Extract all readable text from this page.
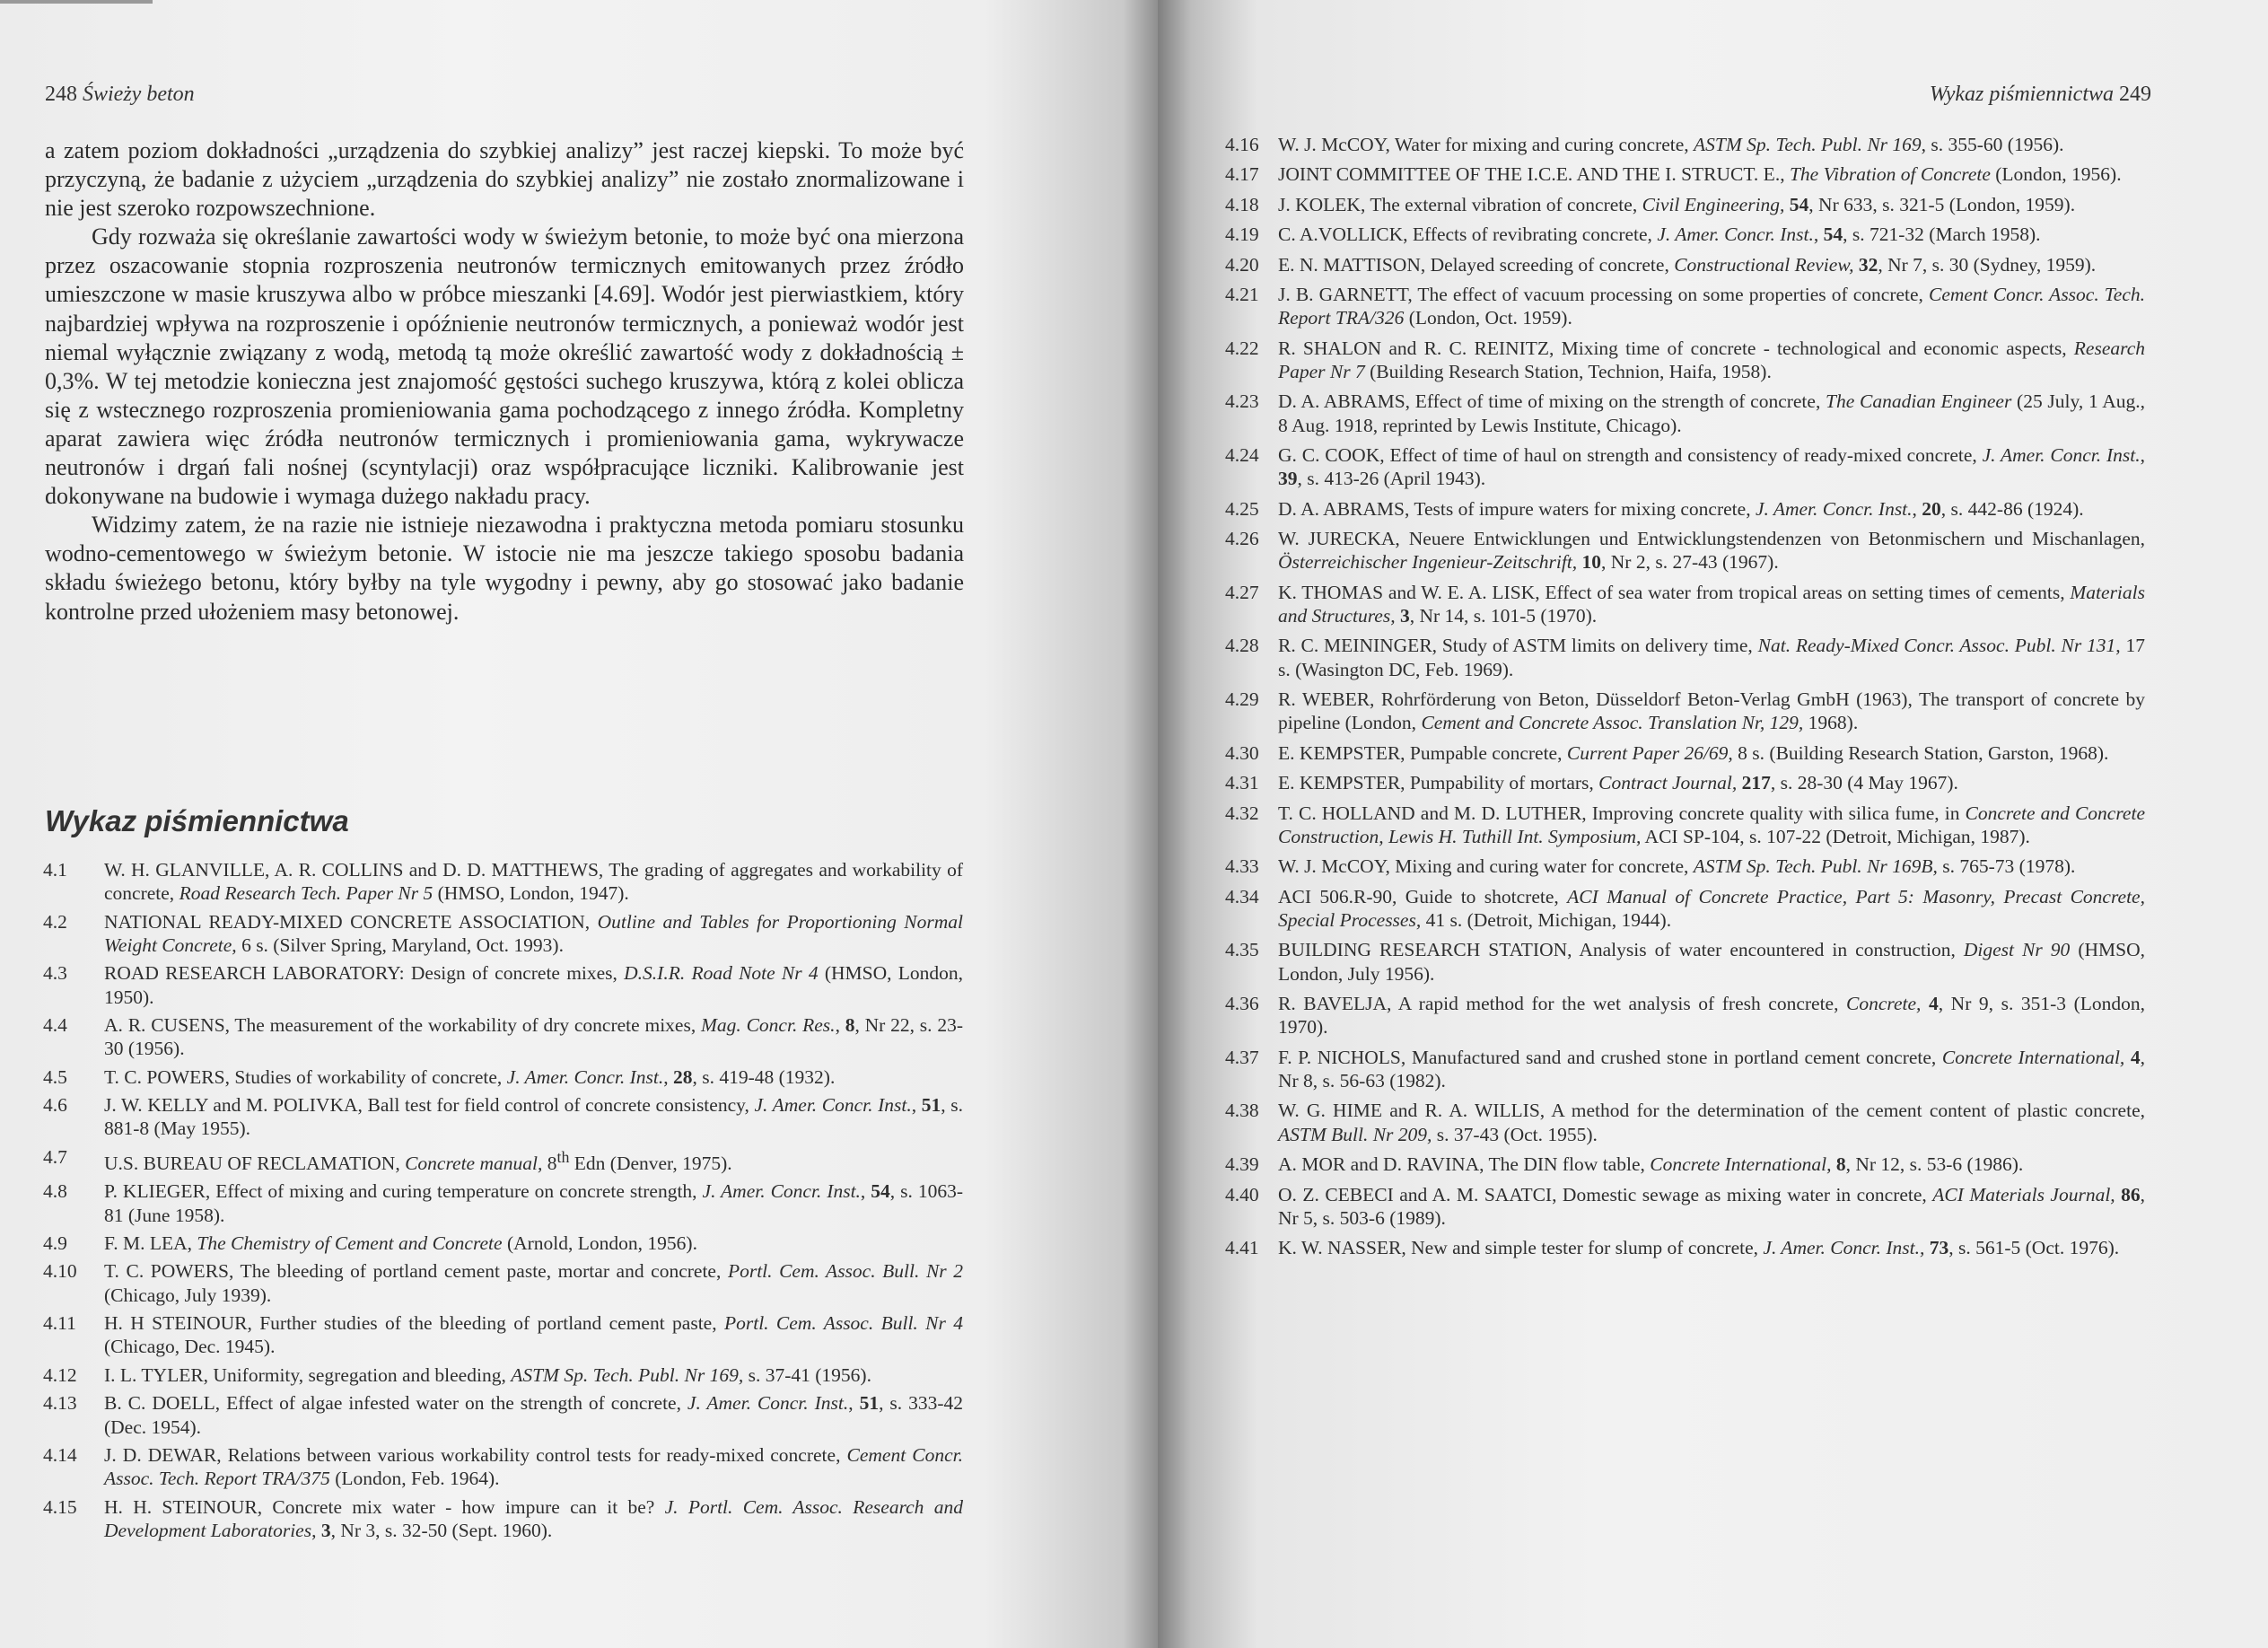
248 Świeży beton

a zatem poziom dokładności „urządzenia do szybkiej analizy” jest raczej kiepski. To może być przyczyną, że badanie z użyciem „urządzenia do szybkiej analizy” nie zostało znormalizowane i nie jest szeroko rozpowszechnione.

Gdy rozważa się określanie zawartości wody w świeżym betonie, to może być ona mierzona przez oszacowanie stopnia rozproszenia neutronów termicznych emitowanych przez źródło umieszczone w masie kruszywa albo w próbce mieszanki [4.69]. Wodór jest pierwiastkiem, który najbardziej wpływa na rozproszenie i opóźnienie neutronów termicznych, a ponieważ wodór jest niemal wyłącznie związany z wodą, metodą tą może określić zawartość wody z dokładnością ± 0,3%. W tej metodzie konieczna jest znajomość gęstości suchego kruszywa, którą z kolei oblicza się z wstecznego rozproszenia promieniowania gama pochodzącego z innego źródła. Kompletny aparat zawiera więc źródła neutronów termicznych i promieniowania gama, wykrywacze neutronów i drgań fali nośnej (scyntylacji) oraz współpracujące liczniki. Kalibrowanie jest dokonywane na budowie i wymaga dużego nakładu pracy.

Widzimy zatem, że na razie nie istnieje niezawodna i praktyczna metoda pomiaru stosunku wodno-cementowego w świeżym betonie. W istocie nie ma jeszcze takiego sposobu badania składu świeżego betonu, który byłby na tyle wygodny i pewny, aby go stosować jako badanie kontrolne przed ułożeniem masy betonowej.

Wykaz piśmiennictwa
4.1	W. H. GLANVILLE, A. R. COLLINS and D. D. MATTHEWS, The grading of aggregates and workability of concrete, Road Research Tech. Paper Nr 5 (HMSO, London, 1947).
4.2	NATIONAL READY-MIXED CONCRETE ASSOCIATION, Outline and Tables for Proportioning Normal Weight Concrete, 6 s. (Silver Spring, Maryland, Oct. 1993).
4.3	ROAD RESEARCH LABORATORY: Design of concrete mixes, D.S.I.R. Road Note Nr 4 (HMSO, London, 1950).
4.4	A. R. CUSENS, The measurement of the workability of dry concrete mixes, Mag. Concr. Res., 8, Nr 22, s. 23-30 (1956).
4.5	T. C. POWERS, Studies of workability of concrete, J. Amer. Concr. Inst., 28, s. 419-48 (1932).
4.6	J. W. KELLY and M. POLIVKA, Ball test for field control of concrete consistency, J. Amer. Concr. Inst., 51, s. 881-8 (May 1955).
4.7	U.S. BUREAU OF RECLAMATION, Concrete manual, 8th Edn (Denver, 1975).
4.8	P. KLIEGER, Effect of mixing and curing temperature on concrete strength, J. Amer. Concr. Inst., 54, s. 1063-81 (June 1958).
4.9	F. M. LEA, The Chemistry of Cement and Concrete (Arnold, London, 1956).
4.10	T. C. POWERS, The bleeding of portland cement paste, mortar and concrete, Portl. Cem. Assoc. Bull. Nr 2 (Chicago, July 1939).
4.11	H. H STEINOUR, Further studies of the bleeding of portland cement paste, Portl. Cem. Assoc. Bull. Nr 4 (Chicago, Dec. 1945).
4.12	I. L. TYLER, Uniformity, segregation and bleeding, ASTM Sp. Tech. Publ. Nr 169, s. 37-41 (1956).
4.13	B. C. DOELL, Effect of algae infested water on the strength of concrete, J. Amer. Concr. Inst., 51, s. 333-42 (Dec. 1954).
4.14	J. D. DEWAR, Relations between various workability control tests for ready-mixed concrete, Cement Concr. Assoc. Tech. Report TRA/375 (London, Feb. 1964).
4.15	H. H. STEINOUR, Concrete mix water - how impure can it be? J. Portl. Cem. Assoc. Research and Development Laboratories, 3, Nr 3, s. 32-50 (Sept. 1960).
Wykaz piśmiennictwa 249
4.16 W. J. McCOY, Water for mixing and curing concrete, ASTM Sp. Tech. Publ. Nr 169, s. 355-60 (1956).
4.17 JOINT COMMITTEE OF THE I.C.E. AND THE I. STRUCT. E., The Vibration of Concrete (London, 1956).
4.18 J. KOLEK, The external vibration of concrete, Civil Engineering, 54, Nr 633, s. 321-5 (London, 1959).
4.19 C. A.VOLLICK, Effects of revibrating concrete, J. Amer. Concr. Inst., 54, s. 721-32 (March 1958).
4.20 E. N. MATTISON, Delayed screeding of concrete, Constructional Review, 32, Nr 7, s. 30 (Sydney, 1959).
4.21 J. B. GARNETT, The effect of vacuum processing on some properties of concrete, Cement Concr. Assoc. Tech. Report TRA/326 (London, Oct. 1959).
4.22 R. SHALON and R. C. REINITZ, Mixing time of concrete - technological and economic aspects, Research Paper Nr 7 (Building Research Station, Technion, Haifa, 1958).
4.23 D. A. ABRAMS, Effect of time of mixing on the strength of concrete, The Canadian Engineer (25 July, 1 Aug., 8 Aug. 1918, reprinted by Lewis Institute, Chicago).
4.24 G. C. COOK, Effect of time of haul on strength and consistency of ready-mixed concrete, J. Amer. Concr. Inst., 39, s. 413-26 (April 1943).
4.25 D. A. ABRAMS, Tests of impure waters for mixing concrete, J. Amer. Concr. Inst., 20, s. 442-86 (1924).
4.26 W. JURECKA, Neuere Entwicklungen und Entwicklungstendenzen von Betonmischern und Mischanlagen, Österreichischer Ingenieur-Zeitschrift, 10, Nr 2, s. 27-43 (1967).
4.27 K. THOMAS and W. E. A. LISK, Effect of sea water from tropical areas on setting times of cements, Materials and Structures, 3, Nr 14, s. 101-5 (1970).
4.28 R. C. MEININGER, Study of ASTM limits on delivery time, Nat. Ready-Mixed Concr. Assoc. Publ. Nr 131, 17 s. (Wasington DC, Feb. 1969).
4.29 R. WEBER, Rohrförderung von Beton, Düsseldorf Beton-Verlag GmbH (1963), The transport of concrete by pipeline (London, Cement and Concrete Assoc. Translation Nr, 129, 1968).
4.30 E. KEMPSTER, Pumpable concrete, Current Paper 26/69, 8 s. (Building Research Station, Garston, 1968).
4.31 E. KEMPSTER, Pumpability of mortars, Contract Journal, 217, s. 28-30 (4 May 1967).
4.32 T. C. HOLLAND and M. D. LUTHER, Improving concrete quality with silica fume, in Concrete and Concrete Construction, Lewis H. Tuthill Int. Symposium, ACI SP-104, s. 107-22 (Detroit, Michigan, 1987).
4.33 W. J. McCOY, Mixing and curing water for concrete, ASTM Sp. Tech. Publ. Nr 169B, s. 765-73 (1978).
4.34 ACI 506.R-90, Guide to shotcrete, ACI Manual of Concrete Practice, Part 5: Masonry, Precast Concrete, Special Processes, 41 s. (Detroit, Michigan, 1944).
4.35 BUILDING RESEARCH STATION, Analysis of water encountered in construction, Digest Nr 90 (HMSO, London, July 1956).
4.36 R. BAVELJA, A rapid method for the wet analysis of fresh concrete, Concrete, 4, Nr 9, s. 351-3 (London, 1970).
4.37 F. P. NICHOLS, Manufactured sand and crushed stone in portland cement concrete, Concrete International, 4, Nr 8, s. 56-63 (1982).
4.38 W. G. HIME and R. A. WILLIS, A method for the determination of the cement content of plastic concrete, ASTM Bull. Nr 209, s. 37-43 (Oct. 1955).
4.39 A. MOR and D. RAVINA, The DIN flow table, Concrete International, 8, Nr 12, s. 53-6 (1986).
4.40 O. Z. CEBECI and A. M. SAATCI, Domestic sewage as mixing water in concrete, ACI Materials Journal, 86, Nr 5, s. 503-6 (1989).
4.41 K. W. NASSER, New and simple tester for slump of concrete, J. Amer. Concr. Inst., 73, s. 561-5 (Oct. 1976).
